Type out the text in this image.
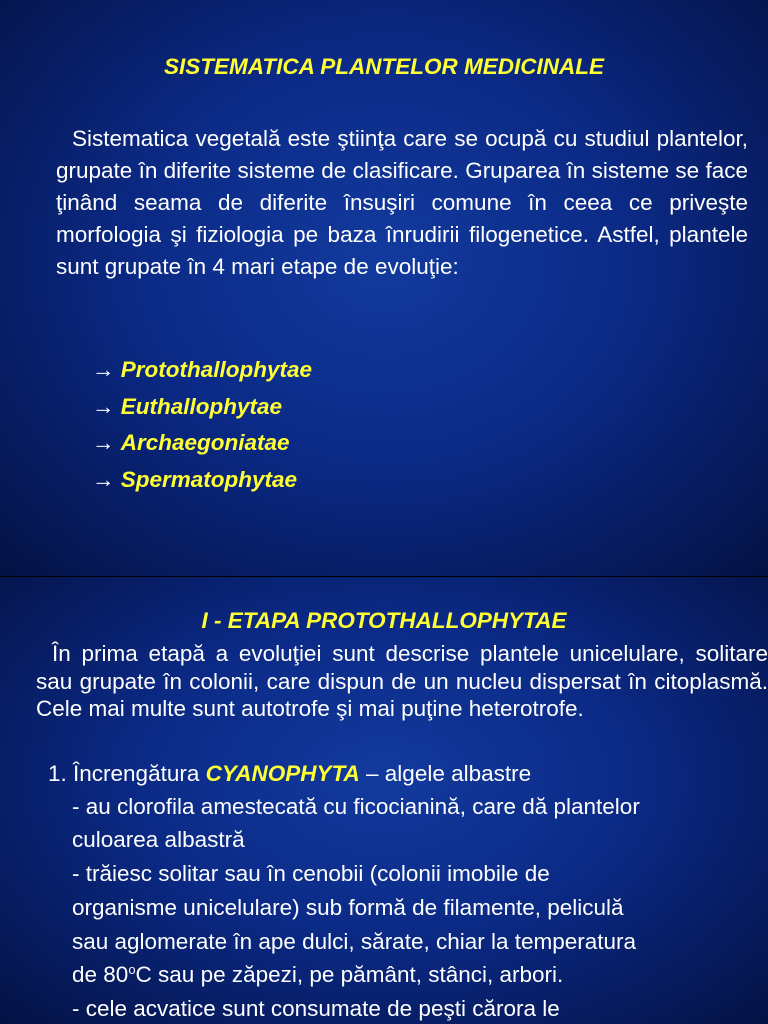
SISTEMATICA PLANTELOR MEDICINALE

Sistematica vegetală este ştiinţa care se ocupă cu studiul plantelor, grupate în diferite sisteme de clasificare. Gruparea în sisteme se face ţinând seama de diferite însuşiri comune în ceea ce priveşte morfologia şi fiziologia pe baza înrudirii filogenetice. Astfel, plantele sunt grupate în 4 mari etape de evoluţie:

→ Protothallophytae
→ Euthallophytae
→ Archaegoniatae
→ Spermatophytae
I - ETAPA PROTOTHALLOPHYTAE

În prima etapă a evoluţiei sunt descrise plantele unicelulare, solitare sau grupate în colonii, care dispun de un nucleu dispersat în citoplasmă. Cele mai multe sunt autotrofe şi mai puţine heterotrofe.

1. Încrengătura CYANOPHYTA – algele albastre
- au clorofila amestecată cu ficocianină, care dă plantelor
culoarea albastră
- trăiesc solitar sau în cenobii (colonii imobile de
organisme unicelulare) sub formă de filamente, peliculă
sau aglomerate în ape dulci, sărate, chiar la temperatura
de 80$^o$C sau pe zăpezi, pe pământ, stânci, arbori.
- cele acvatice sunt consumate de peşti cărora le
